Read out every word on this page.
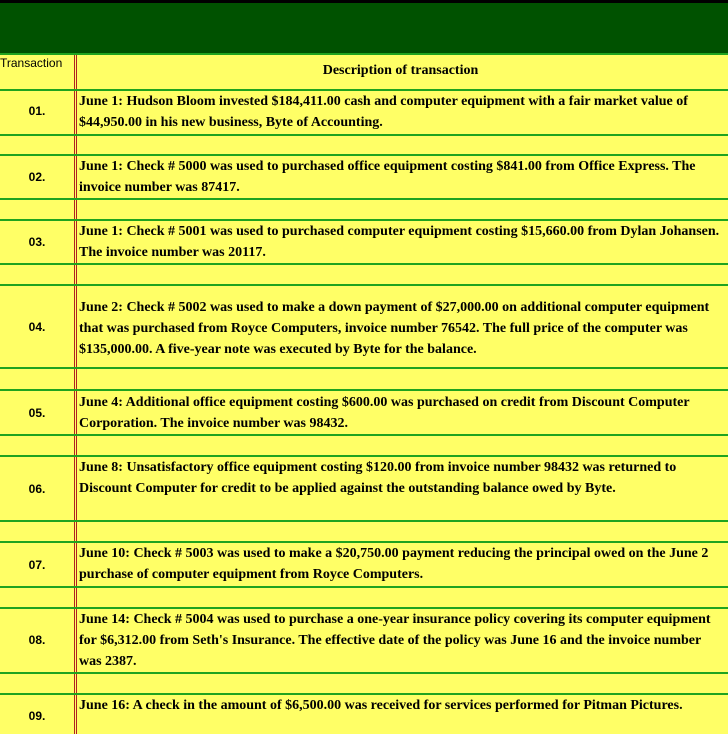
Transaction	Description of transaction
01.
June 1: Hudson Bloom invested $184,411.00 cash and computer equipment with a fair market value of $44,950.00 in his new business, Byte of Accounting.
02.
June 1: Check # 5000 was used to purchased office equipment costing $841.00 from Office Express. The invoice number was 87417.
03.
June 1: Check # 5001 was used to purchased computer equipment costing $15,660.00 from Dylan Johansen. The invoice number was 20117.
04.
June 2: Check # 5002 was used to make a down payment of $27,000.00 on additional computer equipment that was purchased from Royce Computers, invoice number 76542. The full price of the computer was $135,000.00. A five-year note was executed by Byte for the balance.
05.
June 4: Additional office equipment costing $600.00 was purchased on credit from Discount Computer Corporation. The invoice number was 98432.
06.
June 8: Unsatisfactory office equipment costing $120.00 from invoice number 98432 was returned to Discount Computer for credit to be applied against the outstanding balance owed by Byte.
07.
June 10: Check # 5003 was used to make a $20,750.00 payment reducing the principal owed on the June 2 purchase of computer equipment from Royce Computers.
08.
June 14: Check # 5004 was used to purchase a one-year insurance policy covering its computer equipment for $6,312.00 from Seth's Insurance. The effective date of the policy was June 16 and the invoice number was 2387.
09.
June 16: A check in the amount of $6,500.00 was received for services performed for Pitman Pictures.
